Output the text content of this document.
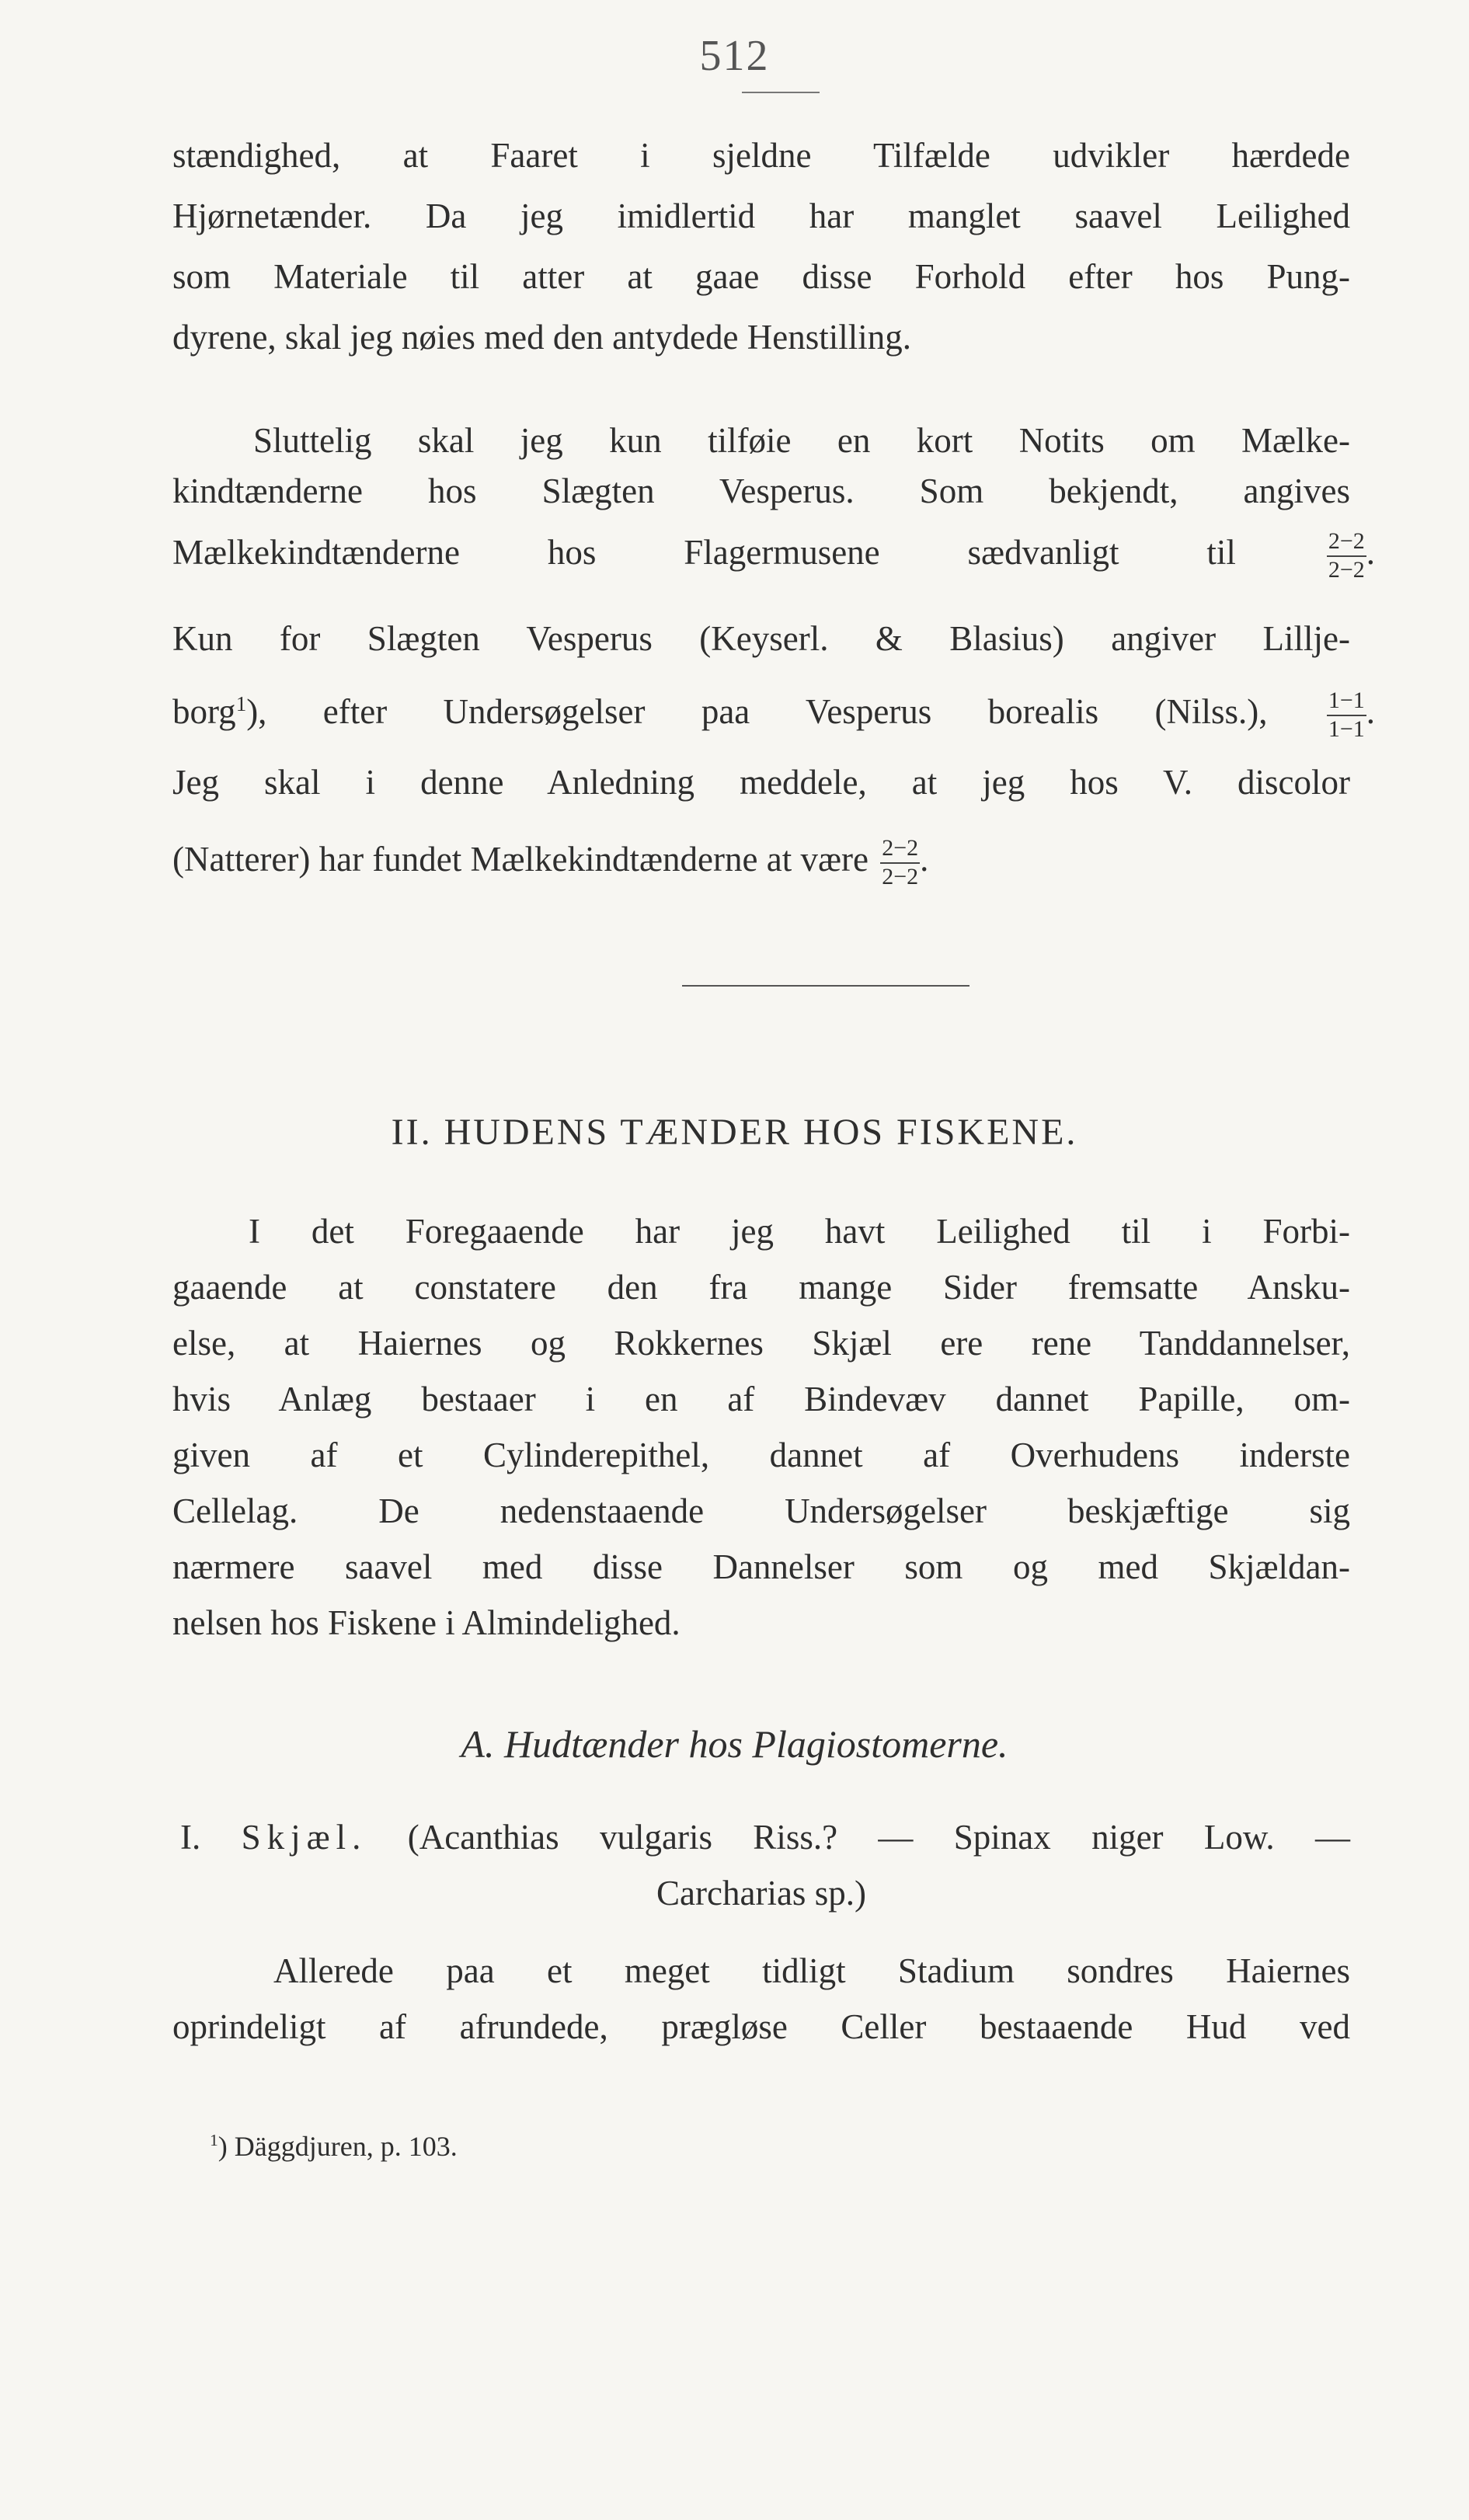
512
stændighed, at Faaret i sjeldne Tilfælde udvikler hærdede
Hjørnetænder. Da jeg imidlertid har manglet saavel Leilighed
som Materiale til atter at gaae disse Forhold efter hos Pung-
dyrene, skal jeg nøies med den antydede Henstilling.
Sluttelig skal jeg kun tilføie en kort Notits om Mælke-
kindtænderne hos Slægten Vesperus. Som bekjendt, angives
Mælkekindtænderne hos Flagermusene sædvanligt til	$\frac{2-2}{2-2}$ .
Kun for Slægten Vesperus (Keyserl. & Blasius) angiver Lillje-
borg$^1$), efter Undersøgelser paa Vesperus borealis (Nilss.),	$\frac{1-1}{1-1}$ .
Jeg skal i denne Anledning meddele, at jeg hos V. discolor
(Natterer) har fundet Mælkekindtænderne at være $\frac{2-2}{2-2}$ .
II. HUDENS TÆNDER HOS FISKENE.
I det Foregaaende har jeg havt Leilighed til i Forbi-
gaaende at constatere den fra mange Sider fremsatte Ansku-
else, at Haiernes og Rokkernes Skjæl ere rene Tanddannelser,
hvis Anlæg bestaaer i en af Bindevæv dannet Papille, om-
given af et Cylinderepithel, dannet af Overhudens inderste
Cellelag. De nedenstaaende Undersøgelser beskjæftige sig
nærmere saavel med disse Dannelser som og med Skjældan-
nelsen hos Fiskene i Almindelighed.
A. Hudtænder hos Plagiostomerne.
I. Skjæl. (Acanthias vulgaris Riss.? — Spinax niger Low. —
Carcharias sp.)
Allerede paa et meget tidligt Stadium sondres Haiernes
oprindeligt af afrundede, prægløse Celler bestaaende Hud ved
$^1$) Däggdjuren, p. 103.
